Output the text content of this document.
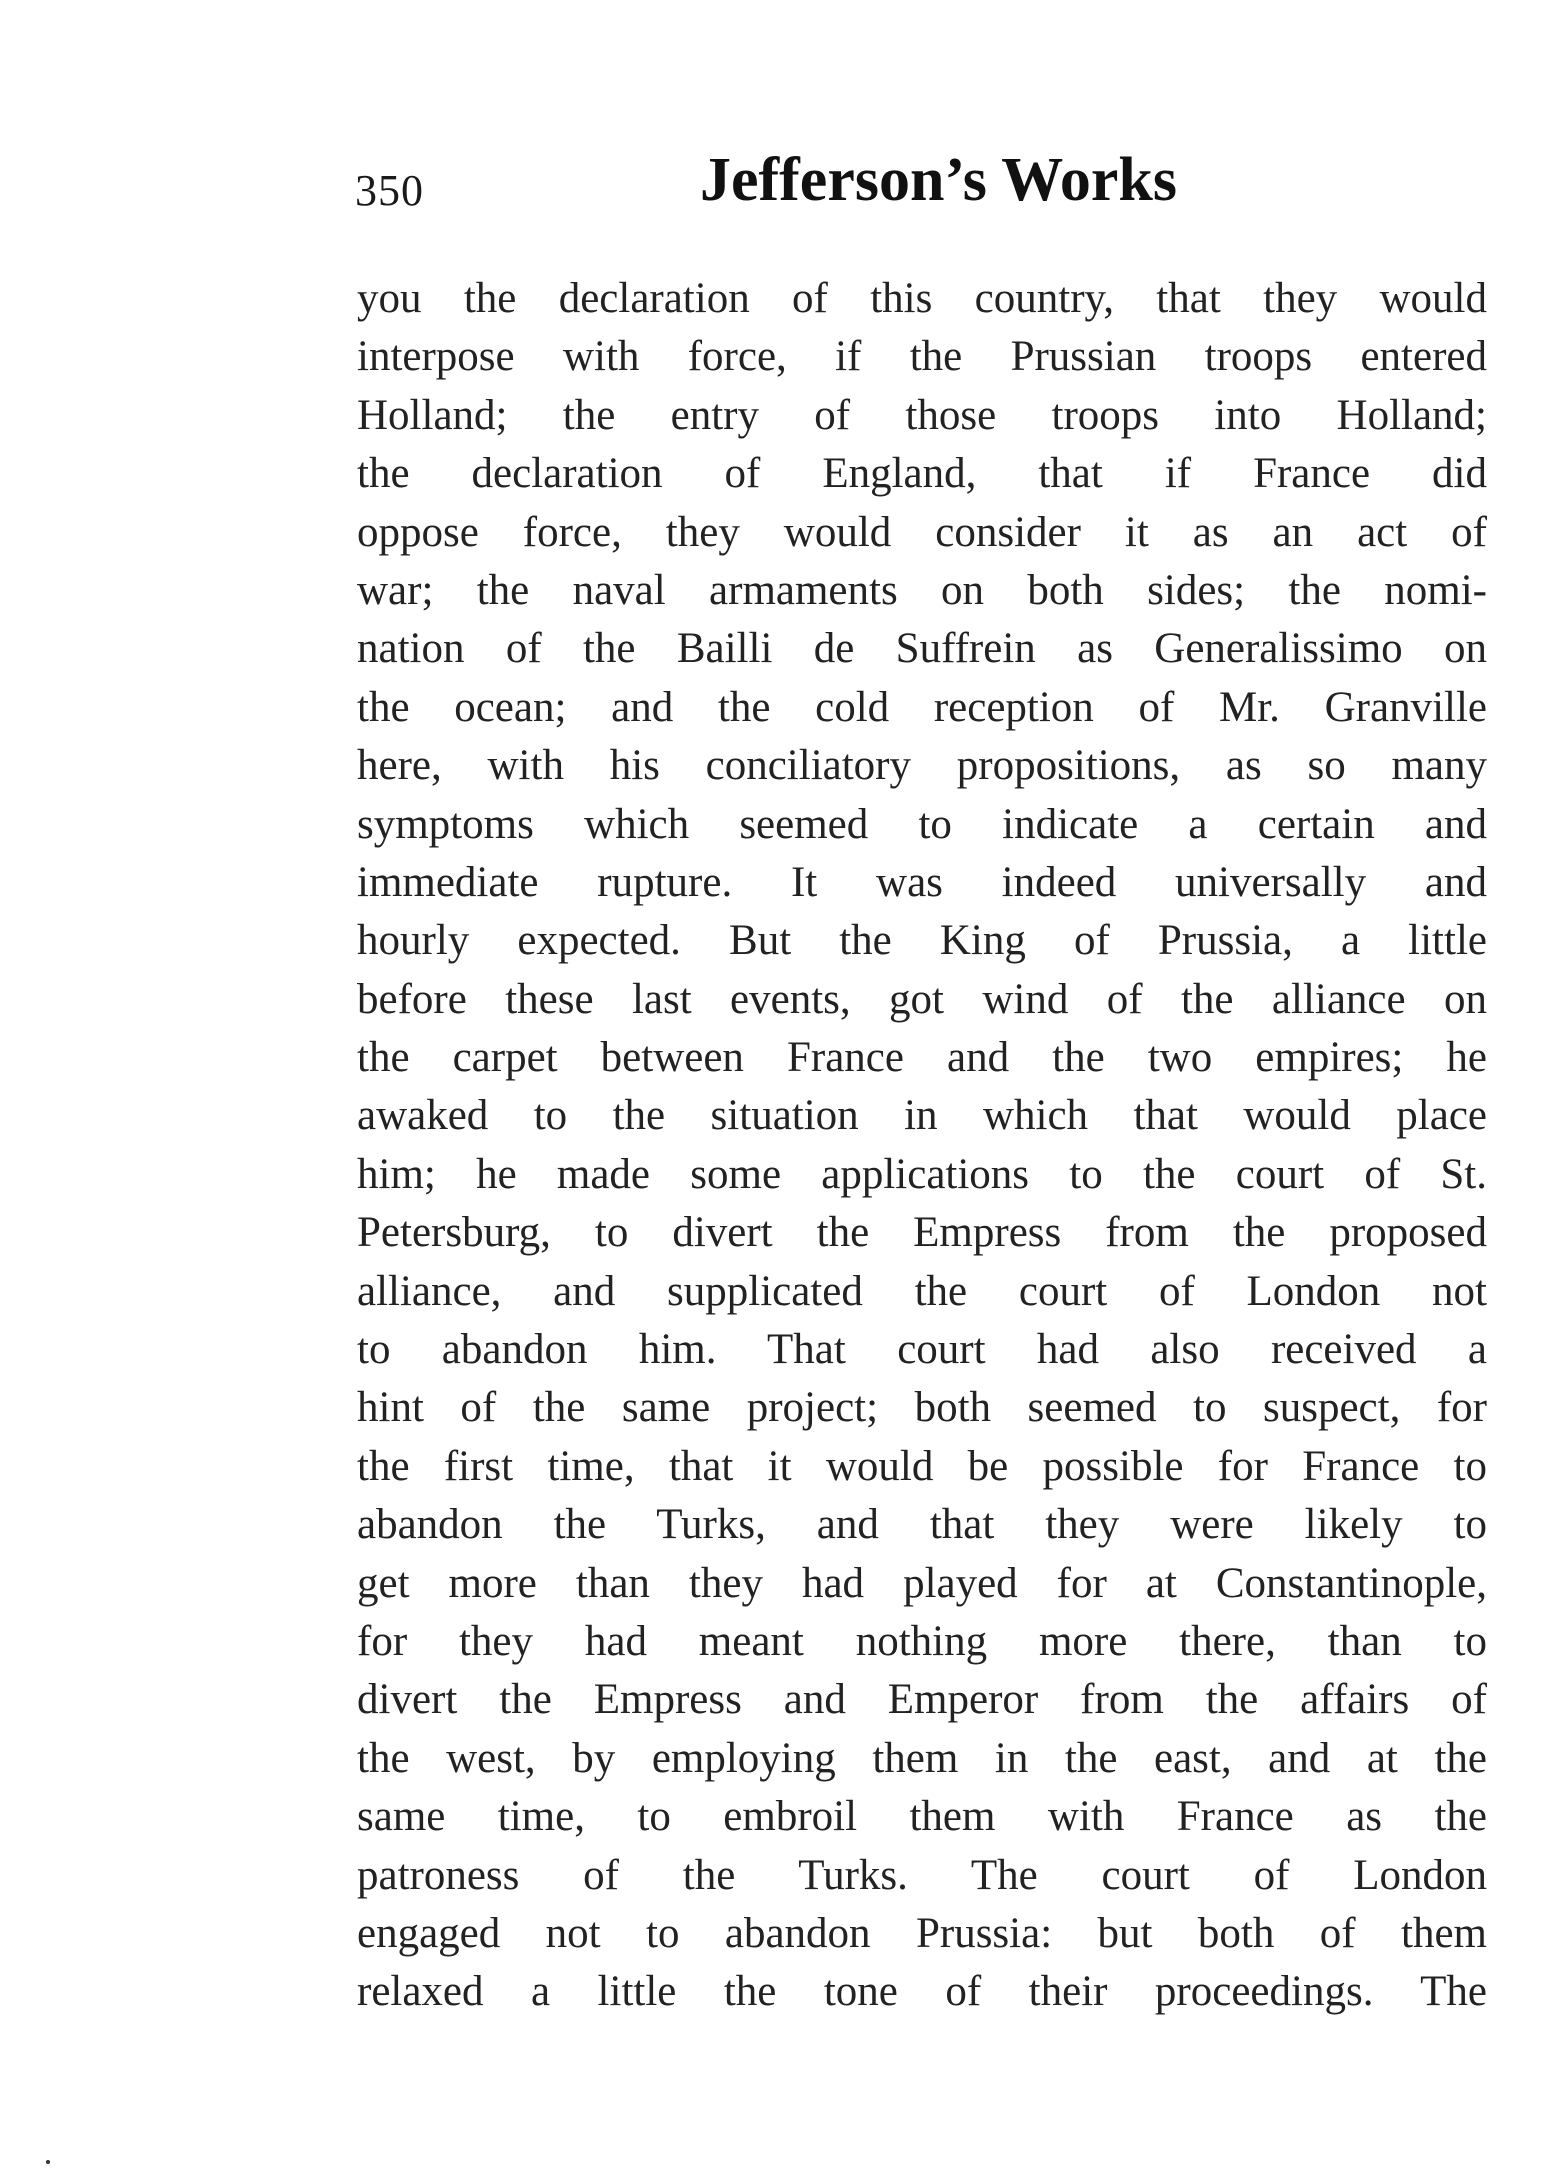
350	Jefferson’s Works
you the declaration of this country, that they would
interpose with force, if the Prussian troops entered
Holland; the entry of those troops into Holland;
the declaration of England, that if France did
oppose force, they would consider it as an act of
war; the naval armaments on both sides; the nomi-
nation of the Bailli de Suffrein as Generalissimo on
the ocean; and the cold reception of Mr. Granville
here, with his conciliatory propositions, as so many
symptoms which seemed to indicate a certain and
immediate rupture. It was indeed universally and
hourly expected. But the King of Prussia, a little
before these last events, got wind of the alliance on
the carpet between France and the two empires; he
awaked to the situation in which that would place
him; he made some applications to the court of St.
Petersburg, to divert the Empress from the proposed
alliance, and supplicated the court of London not
to abandon him. That court had also received a
hint of the same project; both seemed to suspect, for
the first time, that it would be possible for France to
abandon the Turks, and that they were likely to
get more than they had played for at Constantinople,
for they had meant nothing more there, than to
divert the Empress and Emperor from the affairs of
the west, by employing them in the east, and at the
same time, to embroil them with France as the
patroness of the Turks. The court of London
engaged not to abandon Prussia: but both of them
relaxed a little the tone of their proceedings. The
